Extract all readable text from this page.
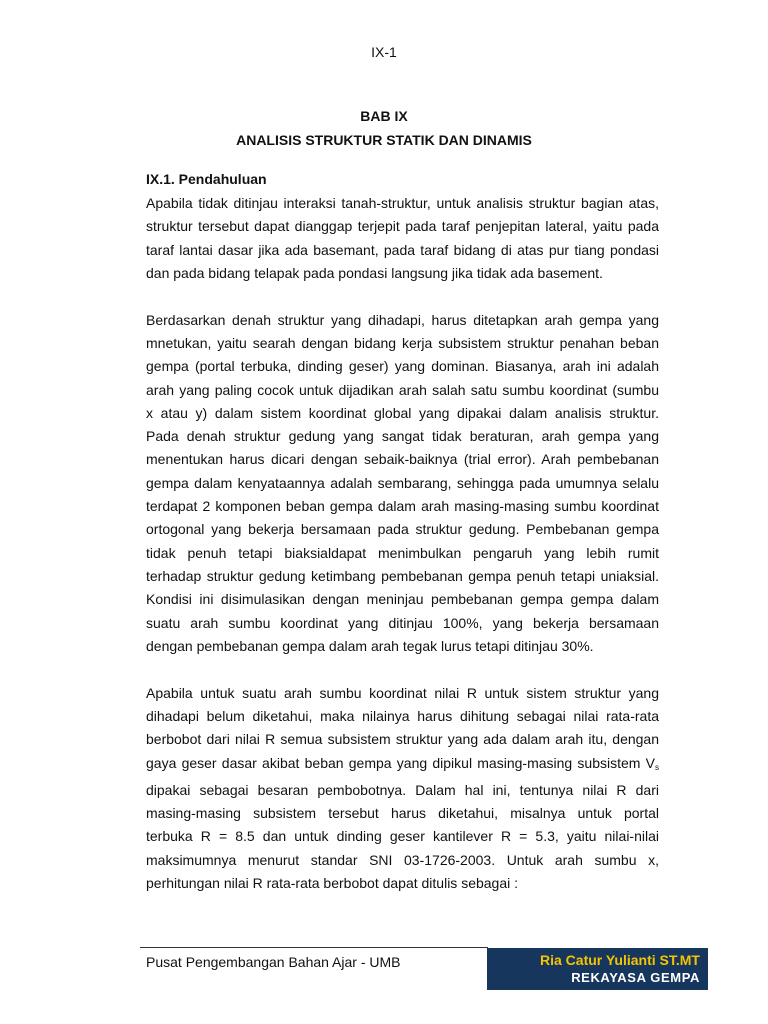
IX-1
BAB IX
ANALISIS STRUKTUR STATIK DAN DINAMIS
IX.1. Pendahuluan

Apabila tidak ditinjau interaksi tanah-struktur, untuk analisis struktur bagian atas,
struktur tersebut dapat dianggap terjepit pada taraf penjepitan lateral, yaitu pada
taraf lantai dasar jika ada basemant, pada taraf bidang di atas pur tiang pondasi
dan pada bidang telapak pada pondasi langsung jika tidak ada basement.

Berdasarkan denah struktur yang dihadapi, harus ditetapkan arah gempa yang
mnetukan, yaitu searah dengan bidang kerja subsistem struktur penahan beban
gempa (portal terbuka, dinding geser) yang dominan. Biasanya, arah ini adalah
arah yang paling cocok untuk dijadikan arah salah satu sumbu koordinat (sumbu
x atau y) dalam sistem koordinat global yang dipakai dalam analisis struktur.
Pada denah struktur gedung yang sangat tidak beraturan, arah gempa yang
menentukan harus dicari dengan sebaik-baiknya (trial error). Arah pembebanan
gempa dalam kenyataannya adalah sembarang, sehingga pada umumnya selalu
terdapat 2 komponen beban gempa dalam arah masing-masing sumbu koordinat
ortogonal yang bekerja bersamaan pada struktur gedung. Pembebanan gempa
tidak penuh tetapi biaksialdapat menimbulkan pengaruh yang lebih rumit
terhadap struktur gedung ketimbang pembebanan gempa penuh tetapi uniaksial.
Kondisi ini disimulasikan dengan meninjau pembebanan gempa gempa dalam
suatu arah sumbu koordinat yang ditinjau 100%, yang bekerja bersamaan
dengan pembebanan gempa dalam arah tegak lurus tetapi ditinjau 30%.

Apabila untuk suatu arah sumbu koordinat nilai R untuk sistem struktur yang
dihadapi belum diketahui, maka nilainya harus dihitung sebagai nilai rata-rata
berbobot dari nilai R semua subsistem struktur yang ada dalam arah itu, dengan
gaya geser dasar akibat beban gempa yang dipikul masing-masing subsistem $V_s$
dipakai sebagai besaran pembobotnya. Dalam hal ini, tentunya nilai R dari
masing-masing subsistem tersebut harus diketahui, misalnya untuk portal
terbuka R = 8.5 dan untuk dinding geser kantilever R = 5.3, yaitu nilai-nilai
maksimumnya menurut standar SNI 03-1726-2003. Untuk arah sumbu x,
perhitungan nilai R rata-rata berbobot dapat ditulis sebagai :

Pusat Pengembangan Bahan Ajar - UMB	Ria Catur Yulianti ST.MT
REKAYASA GEMPA
